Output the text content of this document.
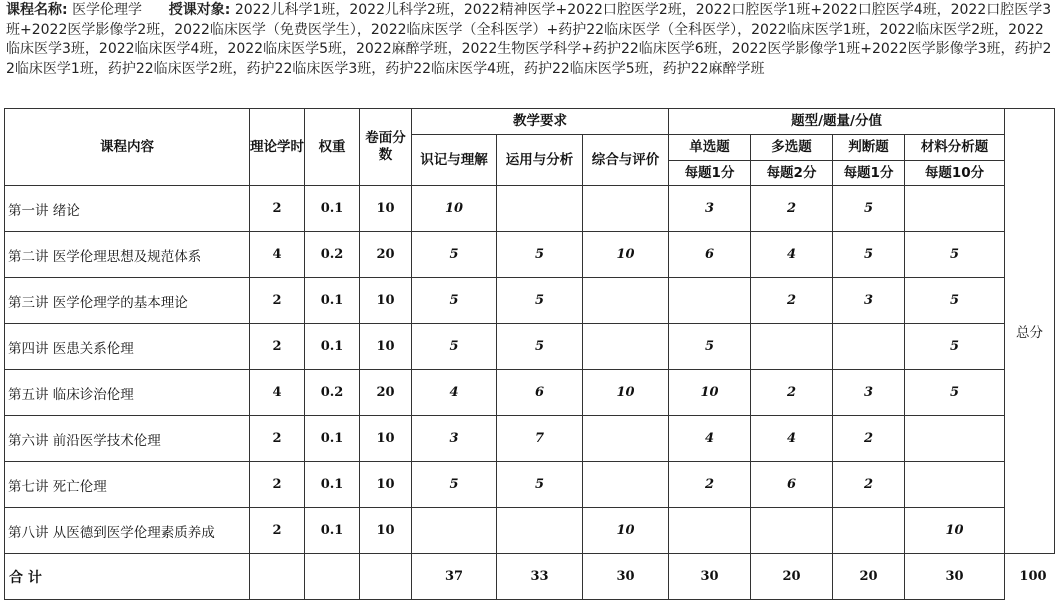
课程名称: 医学伦理学 授课对象: 2022儿科学1班，2022儿科学2班，2022精神医学+2022口腔医学2班，2022口腔医学1班+2022口腔医学4班，2022口腔医学3班+2022医学影像学2班，2022临床医学（免费医学生），2022临床医学（全科医学）+药护22临床医学（全科医学），2022临床医学1班，2022临床医学2班，2022临床医学3班，2022临床医学4班，2022临床医学5班，2022麻醉学班，2022生物医学科学+药护22临床医学6班，2022医学影像学1班+2022医学影像学3班，药护22临床医学1班，药护22临床医学2班，药护22临床医学3班，药护22临床医学4班，药护22临床医学5班，药护22麻醉学班
课程内容	理论学时	权重	卷面分数	教学要求			题型/题量/分值				总分
				识记与理解	运用与分析	综合与评价	单选题	多选题	判断题	材料分析题	
							每题1分	每题2分	每题1分	每题10分	
第一讲 绪论	2	0.1	10	10			3	2	5		
第二讲 医学伦理思想及规范体系	4	0.2	20	5	5	10	6	4	5	5	
第三讲 医学伦理学的基本理论	2	0.1	10	5	5			2	3	5	
第四讲 医患关系伦理	2	0.1	10	5	5		5			5	
第五讲 临床诊治伦理	4	0.2	20	4	6	10	10	2	3	5	
第六讲 前沿医学技术伦理	2	0.1	10	3	7		4	4	2		
第七讲 死亡伦理	2	0.1	10	5	5		2	6	2		
第八讲 从医德到医学伦理素质养成	2	0.1	10			10				10	
合 计				37	33	30	30	20	20	30		100
